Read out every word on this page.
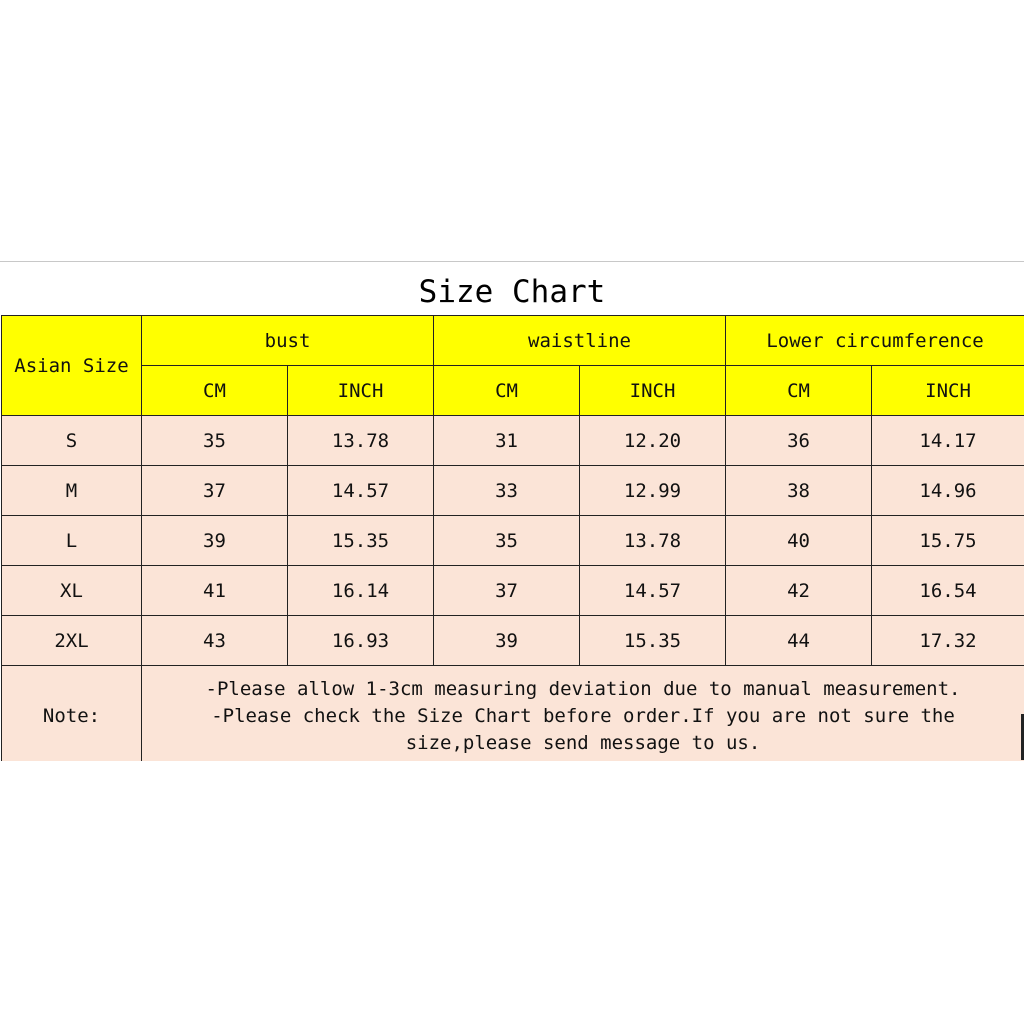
Size Chart
Asian Size	bust		waistline		Lower circumference	
	CM	INCH	CM	INCH	CM	INCH
S	35	13.78	31	12.20	36	14.17
M	37	14.57	33	12.99	38	14.96
L	39	15.35	35	13.78	40	15.75
XL	41	16.14	37	14.57	42	16.54
2XL	43	16.93	39	15.35	44	17.32
Note:	-Please allow 1-3cm measuring deviation due to manual measurement.
-Please check the Size Chart before order.If you are not sure the size,please send message to us.					
